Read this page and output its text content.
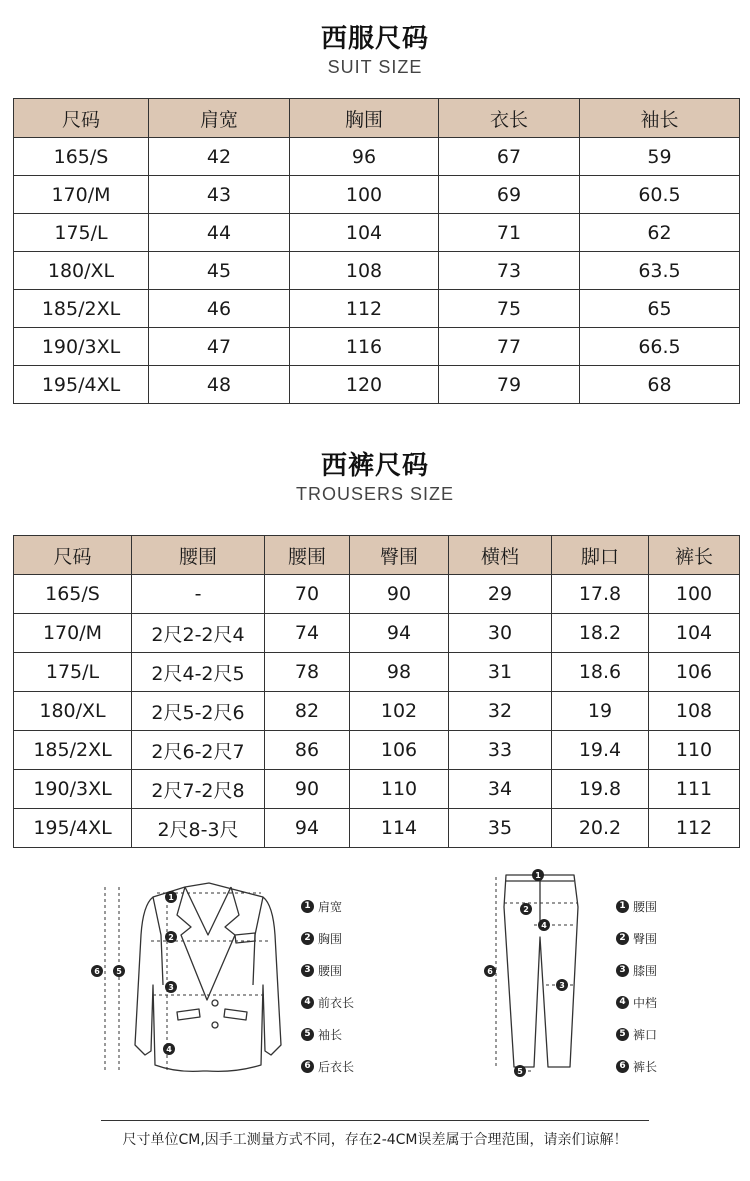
西服尺码
SUIT SIZE
尺码	肩宽	胸围	衣长	袖长
165/S	42	96	67	59
170/M	43	100	69	60.5
175/L	44	104	71	62
180/XL	45	108	73	63.5
185/2XL	46	112	75	65
190/3XL	47	116	77	66.5
195/4XL	48	120	79	68
西裤尺码
TROUSERS SIZE
尺码	腰围	腰围	臀围	横档	脚口	裤长
165/S	-	70	90	29	17.8	100
170/M	2尺2-2尺4	74	94	30	18.2	104
175/L	2尺4-2尺5	78	98	31	18.6	106
180/XL	2尺5-2尺6	82	102	32	19	108
185/2XL	2尺6-2尺7	86	106	33	19.4	110
190/3XL	2尺7-2尺8	90	110	34	19.8	111
195/4XL	2尺8-3尺	94	114	35	20.2	112
1
2
3
4
5
6
1 肩宽
2 胸围
3 腰围
4 前衣长
5 袖长
6 后衣长
1
2
3
4
5
6
1 腰围
2 臀围
3 膝围
4 中档
5 裤口
6 裤长
尺寸单位CM,因手工测量方式不同，存在2-4CM误差属于合理范围，请亲们谅解！
